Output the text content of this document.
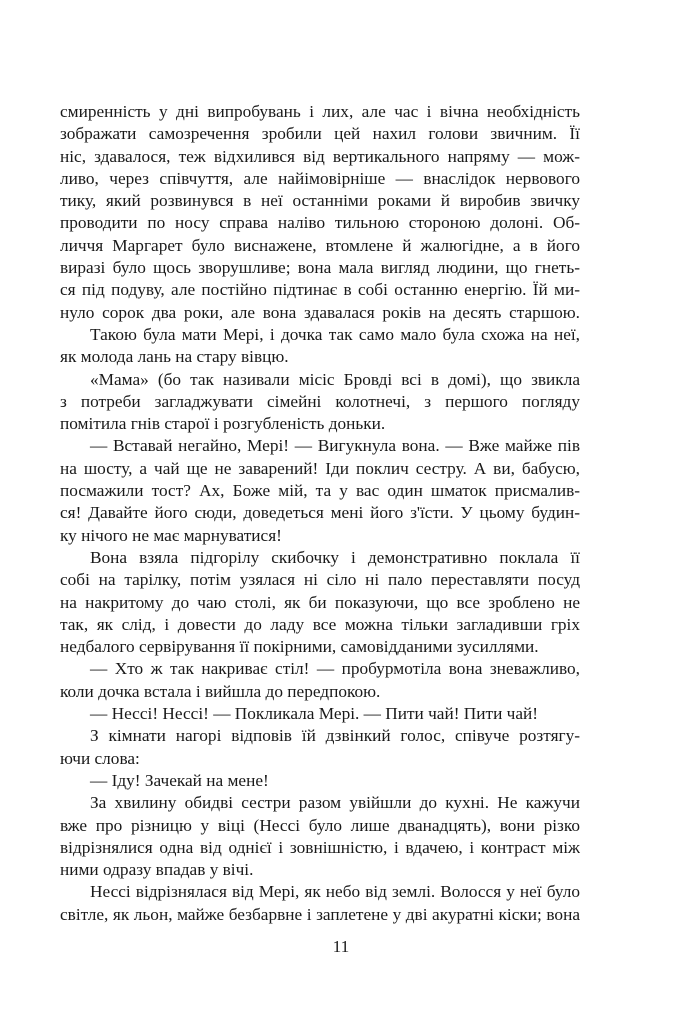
смиренність у дні випробувань і лих, але час і вічна необхідність
зображати самозречення зробили цей нахил голови звичним. Її
ніс, здавалося, теж відхилився від вертикального напряму — мож-
ливо, через співчуття, але найімовірніше — внаслідок нервового
тику, який розвинувся в неї останніми роками й виробив звичку
проводити по носу справа наліво тильною стороною долоні. Об-
личчя Маргарет було виснажене, втомлене й жалюгідне, а в його
виразі було щось зворушливе; вона мала вигляд людини, що гнеть-
ся під подуву, але постійно підтинає в собі останню енергію. Їй ми-
нуло сорок два роки, але вона здавалася років на десять старшою.
Такою була мати Мері, і дочка так само мало була схожа на неї,
як молода лань на стару вівцю.
«Мама» (бо так називали місіс Бровді всі в домі), що звикла
з потреби загладжувати сімейні колотнечі, з першого погляду
помітила гнів старої і розгубленість доньки.
— Вставай негайно, Мері! — Вигукнула вона. — Вже майже пів
на шосту, а чай ще не заварений! Іди поклич сестру. А ви, бабусю,
посмажили тост? Ах, Боже мій, та у вас один шматок присмалив-
ся! Давайте його сюди, доведеться мені його з'їсти. У цьому будин-
ку нічого не має марнуватися!
Вона взяла підгорілу скибочку і демонстративно поклала її
собі на тарілку, потім узялася ні сіло ні пало переставляти посуд
на накритому до чаю столі, як би показуючи, що все зроблено не
так, як слід, і довести до ладу все можна тільки загладивши гріх
недбалого сервірування її покірними, самовідданими зусиллями.
— Хто ж так накриває стіл! — пробурмотіла вона зневажливо,
коли дочка встала і вийшла до передпокою.
— Нессі! Нессі! — Покликала Мері. — Пити чай! Пити чай!
З кімнати нагорі відповів їй дзвінкий голос, співуче розтягу-
ючи слова:
— Іду! Зачекай на мене!
За хвилину обидві сестри разом увійшли до кухні. Не кажучи
вже про різницю у віці (Нессі було лише дванадцять), вони різко
відрізнялися одна від однієї і зовнішністю, і вдачею, і контраст між
ними одразу впадав у вічі.
Нессі відрізнялася від Мері, як небо від землі. Волосся у неї було
світле, як льон, майже безбарвне і заплетене у дві акуратні кіски; вона
11
